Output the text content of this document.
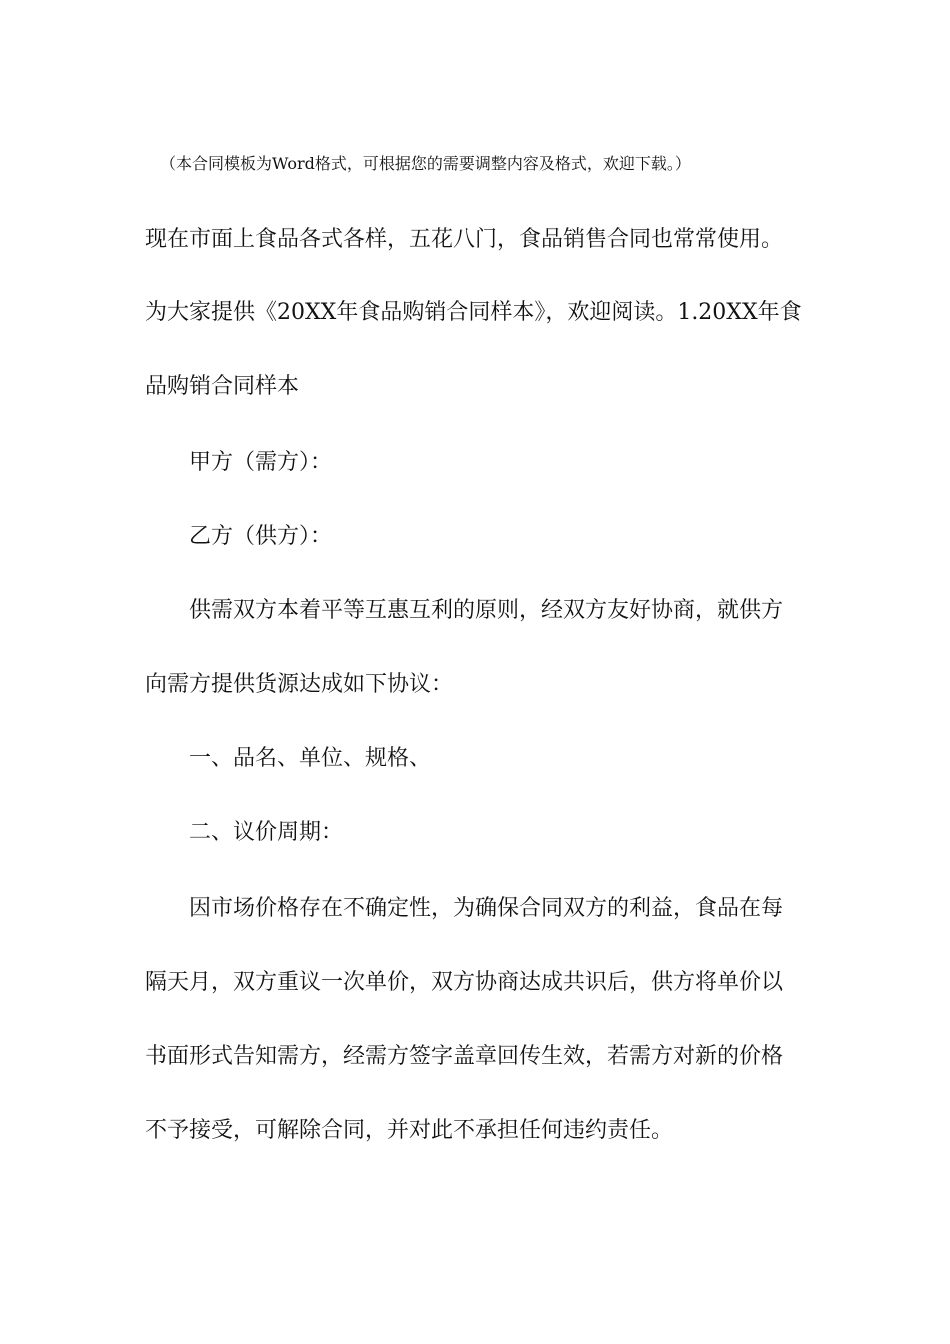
（本合同模板为Word格式，可根据您的需要调整内容及格式，欢迎下载。）
现在市面上食品各式各样，五花八门，食品销售合同也常常使用。
为大家提供《20XX年食品购销合同样本》，欢迎阅读。1.20XX年食
品购销合同样本
甲方（需方）：
乙方（供方）：
供需双方本着平等互惠互利的原则，经双方友好协商，就供方
向需方提供货源达成如下协议：
一、品名、单位、规格、
二、议价周期：
因市场价格存在不确定性，为确保合同双方的利益，食品在每
隔天月，双方重议一次单价，双方协商达成共识后，供方将单价以
书面形式告知需方，经需方签字盖章回传生效，若需方对新的价格
不予接受，可解除合同，并对此不承担任何违约责任。
